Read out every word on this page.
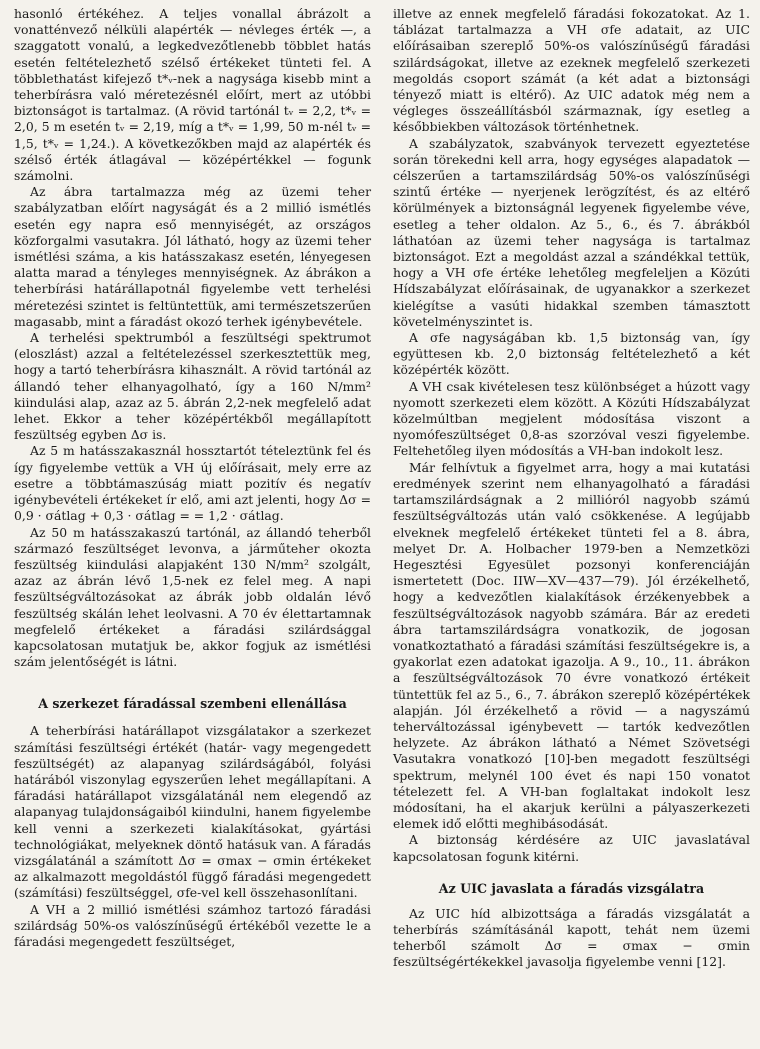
hasonló értékéhez. A teljes vonallal ábrázolt a vonatténvező nélküli alapérték — névleges érték —, a szaggatott vonalú, a legkedvezőtlenebb többlet hatás esetén feltételezhető szélső értékeket tünteti fel. A többlethatást kifejező t*ᵥ-nek a nagysága kisebb mint a teherbírásra való méretezésnél előírt, mert az utóbbi biztonságot is tartalmaz. (A rövid tartónál tᵥ = 2,2, t*ᵥ = 2,0, 5 m esetén tᵥ = 2,19, míg a t*ᵥ = 1,99, 50 m-nél tᵥ = 1,5, t*ᵥ = 1,24.). A következőkben majd az alapérték és szélső érték átlagával — középértékkel — fogunk számolni.

Az ábra tartalmazza még az üzemi teher szabályzatban előírt nagyságát és a 2 millió ismétlés esetén egy napra eső mennyiségét, az országos közforgalmi vasutakra. Jól látható, hogy az üzemi teher ismétlési száma, a kis hatásszakasz esetén, lényegesen alatta marad a tényleges mennyiségnek. Az ábrákon a teherbírási határállapotnál figyelembe vett terhelési méretezési szintet is feltüntettük, ami természetszerűen magasabb, mint a fáradást okozó terhek igénybevétele.

A terhelési spektrumból a feszültségi spektrumot (eloszlást) azzal a feltételezéssel szerkesztettük meg, hogy a tartó teherbírásra kihasznált. A rövid tartónál az állandó teher elhanyagolható, így a 160 N/mm² kiindulási alap, azaz az 5. ábrán 2,2-nek megfelelő adat lehet. Ekkor a teher középértékből megállapított feszültség egyben Δσ is.

Az 5 m hatásszakasznál hossztartót tételeztünk fel és így figyelembe vettük a VH új előírásait, mely erre az esetre a többtámaszúság miatt pozitív és negatív igénybevételi értékeket ír elő, ami azt jelenti, hogy Δσ = 0,9 · σátlag + 0,3 · σátlag = = 1,2 · σátlag.

Az 50 m hatásszakaszú tartónál, az állandó teherből származó feszültséget levonva, a járműteher okozta feszültség kiindulási alapjaként 130 N/mm² szolgált, azaz az ábrán lévő 1,5-nek ez felel meg. A napi feszültségváltozásokat az ábrák jobb oldalán lévő feszültség skálán lehet leolvasni. A 70 év élettartamnak megfelelő értékeket a fáradási szilárdsággal kapcsolatosan mutatjuk be, akkor fogjuk az ismétlési szám jelentőségét is látni.

A szerkezet fáradással szembeni ellenállása

A teherbírási határállapot vizsgálatakor a szerkezet számítási feszültségi értékét (határ- vagy megengedett feszültségét) az alapanyag szilárdságából, folyási határából viszonylag egyszerűen lehet megállapítani. A fáradási határállapot vizsgálatánál nem elegendő az alapanyag tulajdonságaiból kiindulni, hanem figyelembe kell venni a szerkezeti kialakításokat, gyártási technológiákat, melyeknek döntő hatásuk van. A fáradás vizsgálatánál a számított Δσ = σmax − σmin értékeket az alkalmazott megoldástól függő fáradási megengedett (számítási) feszültséggel, σfe-vel kell összehasonlítani.

A VH a 2 millió ismétlési számhoz tartozó fáradási szilárdság 50%-os valószínűségű értékéből vezette le a fáradási megengedett feszültséget,

illetve az ennek megfelelő fáradási fokozatokat. Az 1. táblázat tartalmazza a VH σfe adatait, az UIC előírásaiban szereplő 50%-os valószínűségű fáradási szilárdságokat, illetve az ezeknek megfelelő szerkezeti megoldás csoport számát (a két adat a biztonsági tényező miatt is eltérő). Az UIC adatok még nem a végleges összeállításból származnak, így esetleg a későbbiekben változások történhetnek.

A szabályzatok, szabványok tervezett egyeztetése során törekedni kell arra, hogy egységes alapadatok — célszerűen a tartamszilárdság 50%-os valószínűségi szintű értéke — nyerjenek lerögzítést, és az eltérő körülmények a biztonságnál legyenek figyelembe véve, esetleg a teher oldalon. Az 5., 6., és 7. ábrákból láthatóan az üzemi teher nagysága is tartalmaz biztonságot. Ezt a megoldást azzal a szándékkal tettük, hogy a VH σfe értéke lehetőleg megfeleljen a Közúti Hídszabályzat előírásainak, de ugyanakkor a szerkezet kielégítse a vasúti hidakkal szemben támasztott követelményszintet is.

A σfe nagyságában kb. 1,5 biztonság van, így együttesen kb. 2,0 biztonság feltételezhető a két középérték között.

A VH csak kivételesen tesz különbséget a húzott vagy nyomott szerkezeti elem között. A Közúti Hídszabályzat közelmúltban megjelent módosítása viszont a nyomófeszültséget 0,8-as szorzóval veszi figyelembe. Feltehetőleg ilyen módosítás a VH-ban indokolt lesz.

Már felhívtuk a figyelmet arra, hogy a mai kutatási eredmények szerint nem elhanyagolható a fáradási tartamszilárdságnak a 2 millióról nagyobb számú feszültségváltozás után való csökkenése. A legújabb elveknek megfelelő értékeket tünteti fel a 8. ábra, melyet Dr. A. Holbacher 1979-ben a Nemzetközi Hegesztési Egyesület pozsonyi konferenciáján ismertetett (Doc. IIW—XV—437—79). Jól érzékelhető, hogy a kedvezőtlen kialakítások érzékenyebbek a feszültségváltozások nagyobb számára. Bár az eredeti ábra tartamszilárdságra vonatkozik, de jogosan vonatkoztatható a fáradási számítási feszültségekre is, a gyakorlat ezen adatokat igazolja. A 9., 10., 11. ábrákon a feszültségváltozások 70 évre vonatkozó értékeit tüntettük fel az 5., 6., 7. ábrákon szereplő középértékek alapján. Jól érzékelhető a rövid — a nagyszámú teherváltozással igénybevett — tartók kedvezőtlen helyzete. Az ábrákon látható a Német Szövetségi Vasutakra vonatkozó [10]-ben megadott feszültségi spektrum, melynél 100 évet és napi 150 vonatot tételezett fel. A VH-ban foglaltakat indokolt lesz módosítani, ha el akarjuk kerülni a pályaszerkezeti elemek idő előtti meghibásodását.

A biztonság kérdésére az UIC javaslatával kapcsolatosan fogunk kitérni.

Az UIC javaslata a fáradás vizsgálatra

Az UIC híd albizottsága a fáradás vizsgálatát a teherbírás számításánál kapott, tehát nem üzemi teherből számolt Δσ = σmax − σmin feszültségértékekkel javasolja figyelembe venni [12].
